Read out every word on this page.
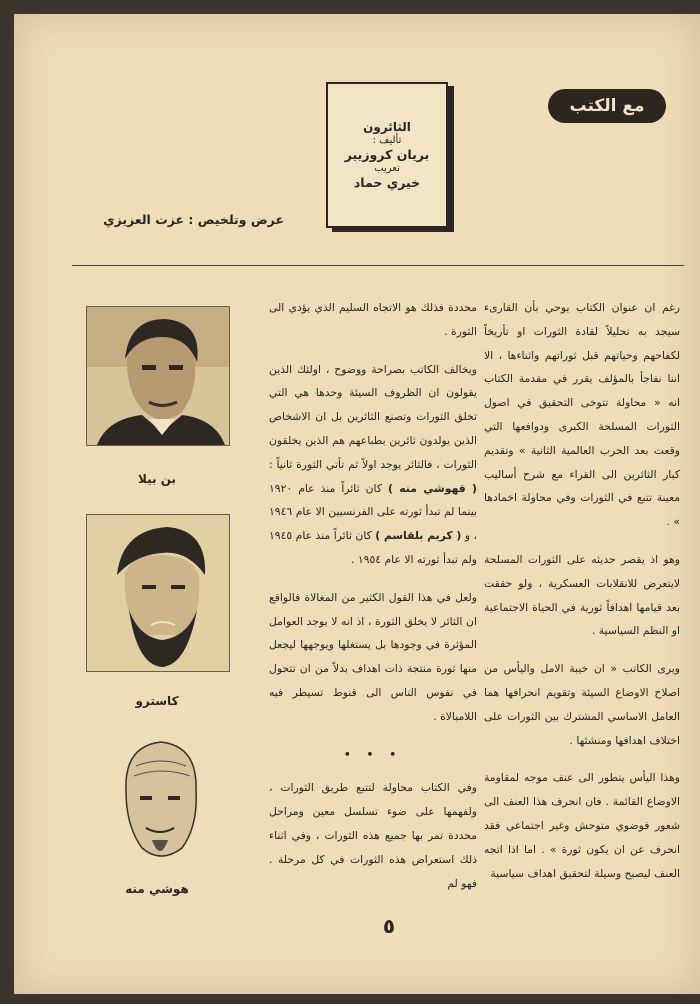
مع الكتب
الثائرون
تأليف :
بريان كروزيير
تعريب
خيري حماد
عرض وتلخيص : عزت العزيزي

رغم ان عنوان الكتاب يوحي بأن القارىء سيجد به تحليلاً لقادة الثورات او تأريخاً لكفاحهم وحياتهم قبل ثوراتهم واثناءها ، الا اننا نفاجأ بالمؤلف يقرر في مقدمة الكتاب انه « محاولة تتوخى التحقيق في اصول الثورات المسلحة الكبرى ودوافعها التي وقعت بعد الحرب العالمية الثانية » وتقديم كبار الثائرين الى القراء مع شرح أساليب معينة تتبع في الثورات وفي محاولة اخمادها » .

وهو اذ يقصر حديثه على الثورات المسلحة لايتعرض للانقلابات العسكرية ، ولو حققت بعد قيامها اهدافاً ثورية في الحياة الاجتماعية او النظم السياسية .

ويرى الكاتب « ان خيبة الامل واليأس من اصلاح الاوضاع السيئة وتقويم انحرافها هما العامل الاساسي المشترك بين الثورات على اختلاف اهدافها ومنشئها .

وهذا اليأس يتطور الى عنف موجه لمقاومة الاوضاع القائمة . فان انحرف هذا العنف الى شعور فوضوي متوحش وغير اجتماعي فقد انحرف عن ان يكون ثورة » . اما اذا اتجه العنف ليصبح وسيلة لتحقيق اهداف سياسية

محددة فذلك هو الاتجاه السليم الذي يؤدي الى الثورة .

ويخالف الكاتب بصراحة ووضوح ، اولئك الذين يقولون ان الظروف السيئة وحدها هي التي تخلق الثورات وتصنع الثائرين بل ان الاشخاص الذين يولدون ثائرين بطباعهم هم الذين يخلقون الثورات ، فالثائر يوجد اولاً ثم تأتي الثورة ثانياً : ( قهوشي منه ) كان ثائراً منذ عام ١٩٢٠ بينما لم تبدأ ثورته على الفرنسيين الا عام ١٩٤٦ ، و ( كريم بلقاسم ) كان ثائراً منذ عام ١٩٤٥ ولم تبدأ ثورته الا عام ١٩٥٤ .

ولعل في هذا القول الكثير من المغالاة فالواقع ان الثائر لا يخلق الثورة ، اذ انه لا يوجد العوامل المؤثرة في وجودها بل يستغلها ويوجهها ليجعل منها ثورة منتجة ذات اهداف بدلاً من ان تتحول في نفوس الناس الى قنوط تسيطر فيه اللامبالاة .

• • •

وفي الكتاب محاولة لتتبع طريق الثورات ، ولفهمها على ضوء تسلسل معين ومراحل محددة تمر بها جميع هذه الثورات ، وفي اثناء ذلك استعراض هذه الثورات في كل مرحلة . فهو لم

بن بيلا
كاسترو
هوشي منه
٥
